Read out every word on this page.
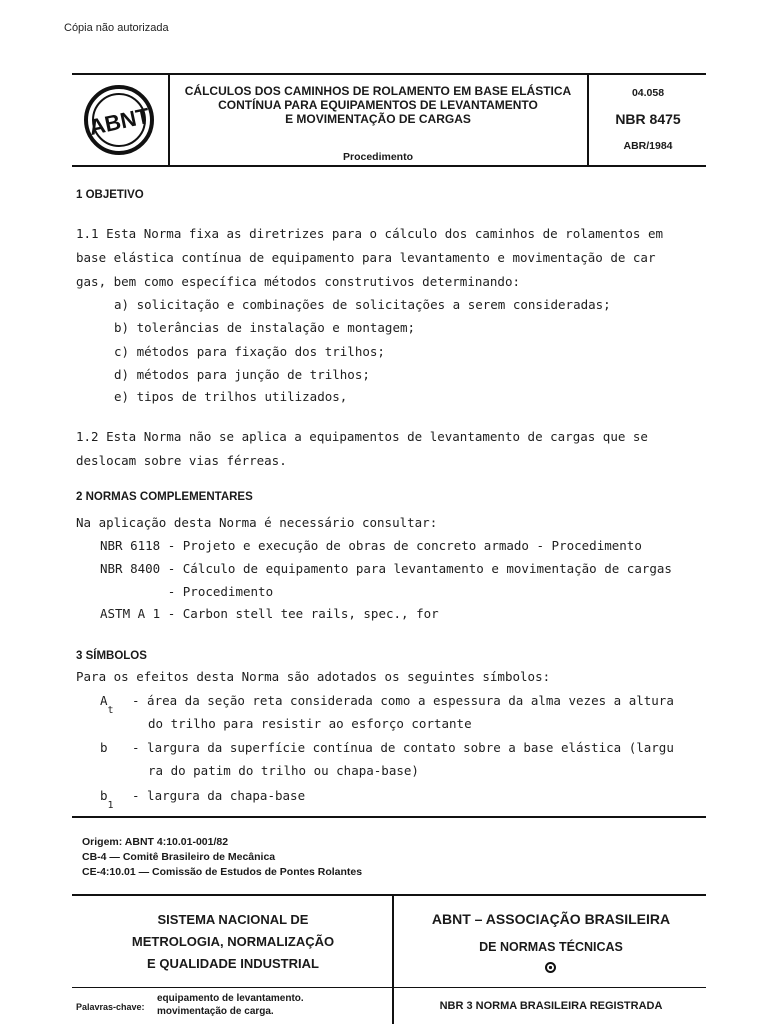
Cópia não autorizada
ABNT
CÁLCULOS DOS CAMINHOS DE ROLAMENTO EM BASE ELÁSTICA
CONTÍNUA PARA EQUIPAMENTOS DE LEVANTAMENTO
E MOVIMENTAÇÃO DE CARGAS
Procedimento
04.058
NBR 8475
ABR/1984
1 OBJETIVO
1.1 Esta Norma fixa as diretrizes para o cálculo dos caminhos de rolamentos em
base elástica contínua de equipamento para levantamento e movimentação de car
gas, bem como específica métodos construtivos determinando:
a) solicitação e combinações de solicitações a serem consideradas;
b) tolerâncias de instalação e montagem;
c) métodos para fixação dos trilhos;
d) métodos para junção de trilhos;
e) tipos de trilhos utilizados,
1.2 Esta Norma não se aplica a equipamentos de levantamento de cargas que se
deslocam sobre vias férreas.
2 NORMAS COMPLEMENTARES
Na aplicação desta Norma é necessário consultar:
NBR 6118 - Projeto e execução de obras de concreto armado - Procedimento
NBR 8400 - Cálculo de equipamento para levantamento e movimentação de cargas
- Procedimento
ASTM A 1 - Carbon stell tee rails, spec., for
3 SÍMBOLOS
Para os efeitos desta Norma são adotados os seguintes símbolos:
$A_t$
- área da seção reta considerada como a espessura da alma vezes a altura
do trilho para resistir ao esforço cortante
b - largura da superfície contínua de contato sobre a base elástica (largu
ra do patim do trilho ou chapa-base)
$b_1$
- largura da chapa-base
Origem: ABNT 4:10.01-001/82
CB-4 — Comitê Brasileiro de Mecânica
CE-4:10.01 — Comissão de Estudos de Pontes Rolantes
SISTEMA NACIONAL DE
METROLOGIA, NORMALIZAÇÃO
E QUALIDADE INDUSTRIAL
ABNT – ASSOCIAÇÃO BRASILEIRA
DE NORMAS TÉCNICAS
Palavras-chave:
equipamento de levantamento.
movimentação de carga.	NBR 3 NORMA BRASILEIRA REGISTRADA
